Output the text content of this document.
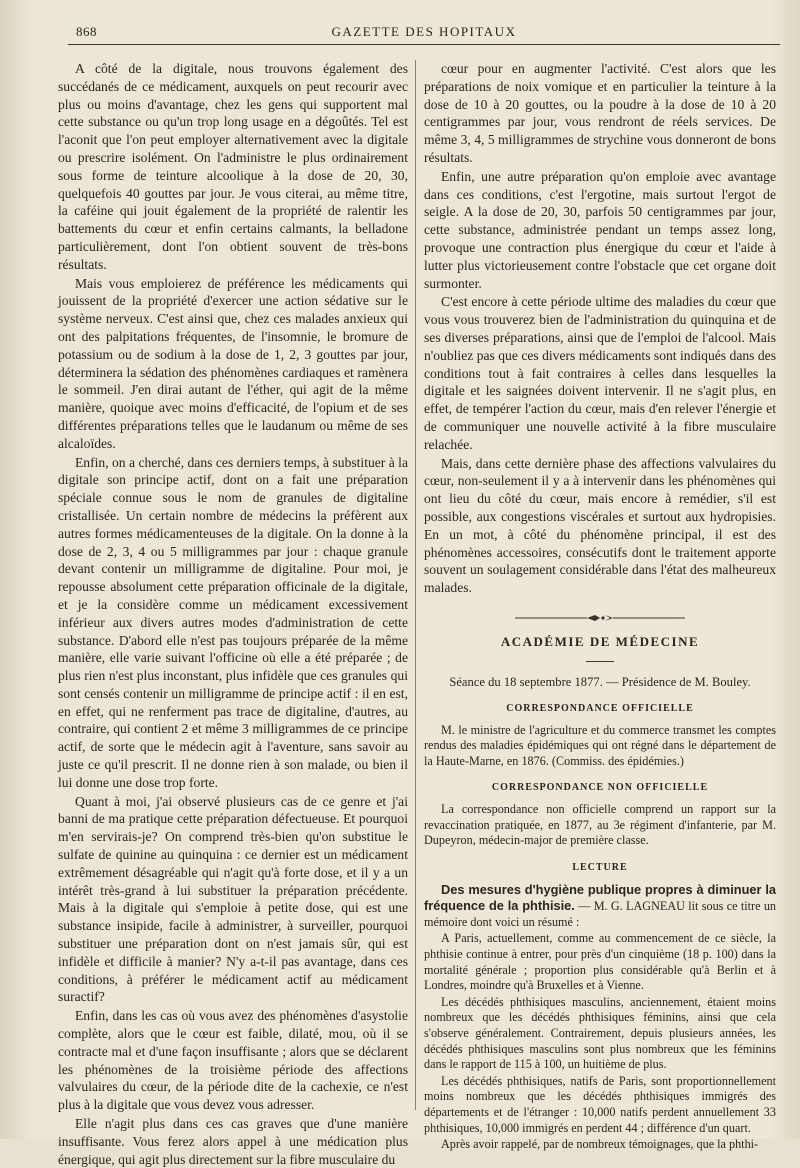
868	GAZETTE DES HOPITAUX

A côté de la digitale, nous trouvons également des succédanés de ce médicament, auxquels on peut recourir avec plus ou moins d'avantage, chez les gens qui supportent mal cette substance ou qu'un trop long usage en a dégoûtés. Tel est l'aconit que l'on peut employer alternativement avec la digitale ou prescrire isolément. On l'administre le plus ordinairement sous forme de teinture alcoolique à la dose de 20, 30, quelquefois 40 gouttes par jour. Je vous citerai, au même titre, la caféine qui jouit également de la propriété de ralentir les battements du cœur et enfin certains calmants, la belladone particulièrement, dont l'on obtient souvent de très-bons résultats.

Mais vous emploierez de préférence les médicaments qui jouissent de la propriété d'exercer une action sédative sur le système nerveux. C'est ainsi que, chez ces malades anxieux qui ont des palpitations fréquentes, de l'insomnie, le bromure de potassium ou de sodium à la dose de 1, 2, 3 gouttes par jour, déterminera la sédation des phénomènes cardiaques et ramènera le sommeil. J'en dirai autant de l'éther, qui agit de la même manière, quoique avec moins d'efficacité, de l'opium et de ses différentes préparations telles que le laudanum ou même de ses alcaloïdes.

Enfin, on a cherché, dans ces derniers temps, à substituer à la digitale son principe actif, dont on a fait une préparation spéciale connue sous le nom de granules de digitaline cristallisée. Un certain nombre de médecins la préfèrent aux autres formes médicamenteuses de la digitale. On la donne à la dose de 2, 3, 4 ou 5 milligrammes par jour : chaque granule devant contenir un milligramme de digitaline. Pour moi, je repousse absolument cette préparation officinale de la digitale, et je la considère comme un médicament excessivement inférieur aux divers autres modes d'administration de cette substance. D'abord elle n'est pas toujours préparée de la même manière, elle varie suivant l'officine où elle a été préparée ; de plus rien n'est plus inconstant, plus infidèle que ces granules qui sont censés contenir un milligramme de principe actif : il en est, en effet, qui ne renferment pas trace de digitaline, d'autres, au contraire, qui contient 2 et même 3 milligrammes de ce principe actif, de sorte que le médecin agit à l'aventure, sans savoir au juste ce qu'il prescrit. Il ne donne rien à son malade, ou bien il lui donne une dose trop forte.

Quant à moi, j'ai observé plusieurs cas de ce genre et j'ai banni de ma pratique cette préparation défectueuse. Et pourquoi m'en servirais-je? On comprend très-bien qu'on substitue le sulfate de quinine au quinquina : ce dernier est un médicament extrêmement désagréable qui n'agit qu'à forte dose, et il y a un intérêt très-grand à lui substituer la préparation précédente. Mais à la digitale qui s'emploie à petite dose, qui est une substance insipide, facile à administrer, à surveiller, pourquoi substituer une préparation dont on n'est jamais sûr, qui est infidèle et difficile à manier? N'y a-t-il pas avantage, dans ces conditions, à préférer le médicament actif au médicament suractif?

Enfin, dans les cas où vous avez des phénomènes d'asystolie complète, alors que le cœur est faible, dilaté, mou, où il se contracte mal et d'une façon insuffisante ; alors que se déclarent les phénomènes de la troisième période des affections valvulaires du cœur, de la période dite de la cachexie, ce n'est plus à la digitale que vous devez vous adresser.

Elle n'agit plus dans ces cas graves que d'une manière insuffisante. Vous ferez alors appel à une médication plus énergique, qui agit plus directement sur la fibre musculaire du

cœur pour en augmenter l'activité. C'est alors que les préparations de noix vomique et en particulier la teinture à la dose de 10 à 20 gouttes, ou la poudre à la dose de 10 à 20 centigrammes par jour, vous rendront de réels services. De même 3, 4, 5 milligrammes de strychine vous donneront de bons résultats.

Enfin, une autre préparation qu'on emploie avec avantage dans ces conditions, c'est l'ergotine, mais surtout l'ergot de seigle. A la dose de 20, 30, parfois 50 centigrammes par jour, cette substance, administrée pendant un temps assez long, provoque une contraction plus énergique du cœur et l'aide à lutter plus victorieusement contre l'obstacle que cet organe doit surmonter.

C'est encore à cette période ultime des maladies du cœur que vous vous trouverez bien de l'administration du quinquina et de ses diverses préparations, ainsi que de l'emploi de l'alcool. Mais n'oubliez pas que ces divers médicaments sont indiqués dans des conditions tout à fait contraires à celles dans lesquelles la digitale et les saignées doivent intervenir. Il ne s'agit plus, en effet, de tempérer l'action du cœur, mais d'en relever l'énergie et de communiquer une nouvelle activité à la fibre musculaire relachée.

Mais, dans cette dernière phase des affections valvulaires du cœur, non-seulement il y a à intervenir dans les phénomènes qui ont lieu du côté du cœur, mais encore à remédier, s'il est possible, aux congestions viscérales et surtout aux hydropisies. En un mot, à côté du phénomène principal, il est des phénomènes accessoires, consécutifs dont le traitement apporte souvent un soulagement considérable dans l'état des malheureux malades.

ACADÉMIE DE MÉDECINE
Séance du 18 septembre 1877. — Présidence de M. Bouley.
CORRESPONDANCE OFFICIELLE

M. le ministre de l'agriculture et du commerce transmet les comptes rendus des maladies épidémiques qui ont régné dans le département de la Haute-Marne, en 1876. (Commiss. des épidémies.)

CORRESPONDANCE NON OFFICIELLE

La correspondance non officielle comprend un rapport sur la revaccination pratiquée, en 1877, au 3e régiment d'infanterie, par M. Dupeyron, médecin-major de première classe.

LECTURE

Des mesures d'hygiène publique propres à diminuer la fréquence de la phthisie. — M. G. LAGNEAU lit sous ce titre un mémoire dont voici un résumé :

A Paris, actuellement, comme au commencement de ce siècle, la phthisie continue à entrer, pour près d'un cinquième (18 p. 100) dans la mortalité générale ; proportion plus considérable qu'à Berlin et à Londres, moindre qu'à Bruxelles et à Vienne.

Les décédés phthisiques masculins, anciennement, étaient moins nombreux que les décédés phthisiques féminins, ainsi que cela s'observe généralement. Contrairement, depuis plusieurs années, les décédés phthisiques masculins sont plus nombreux que les féminins dans le rapport de 115 à 100, un huitième de plus.

Les décédés phthisiques, natifs de Paris, sont proportionnellement moins nombreux que les décédés phthisiques immigrés des départements et de l'étranger : 10,000 natifs perdent annuellement 33 phthisiques, 10,000 immigrés en perdent 44 ; différence d'un quart.

Après avoir rappelé, par de nombreux témoignages, que la phthi-
